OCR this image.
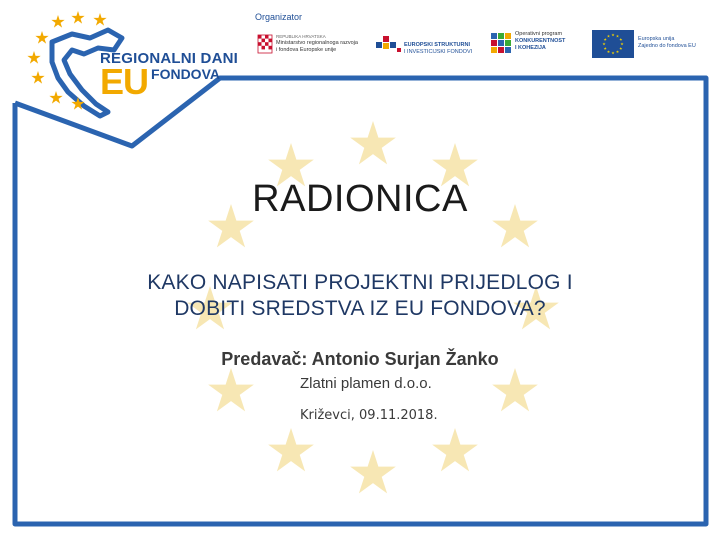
REGIONALNI DANI
EU FONDOVA
Organizator
REPUBLIKA HRVATSKA
Ministarstvo regionalnoga razvoja
i fondova Europske unije
EUROPSKI STRUKTURNI
I INVESTICIJSKI FONDOVI
Operativni program
KONKURENTNOST
I KOHEZIJA
Europska unija
Zajedno do fondova EU
RADIONICA
KAKO NAPISATI PROJEKTNI PRIJEDLOG I
DOBITI SREDSTVA IZ EU FONDOVA?
Predavač: Antonio Surjan Žanko
Zlatni plamen d.o.o.
Križevci, 09.11.2018.
